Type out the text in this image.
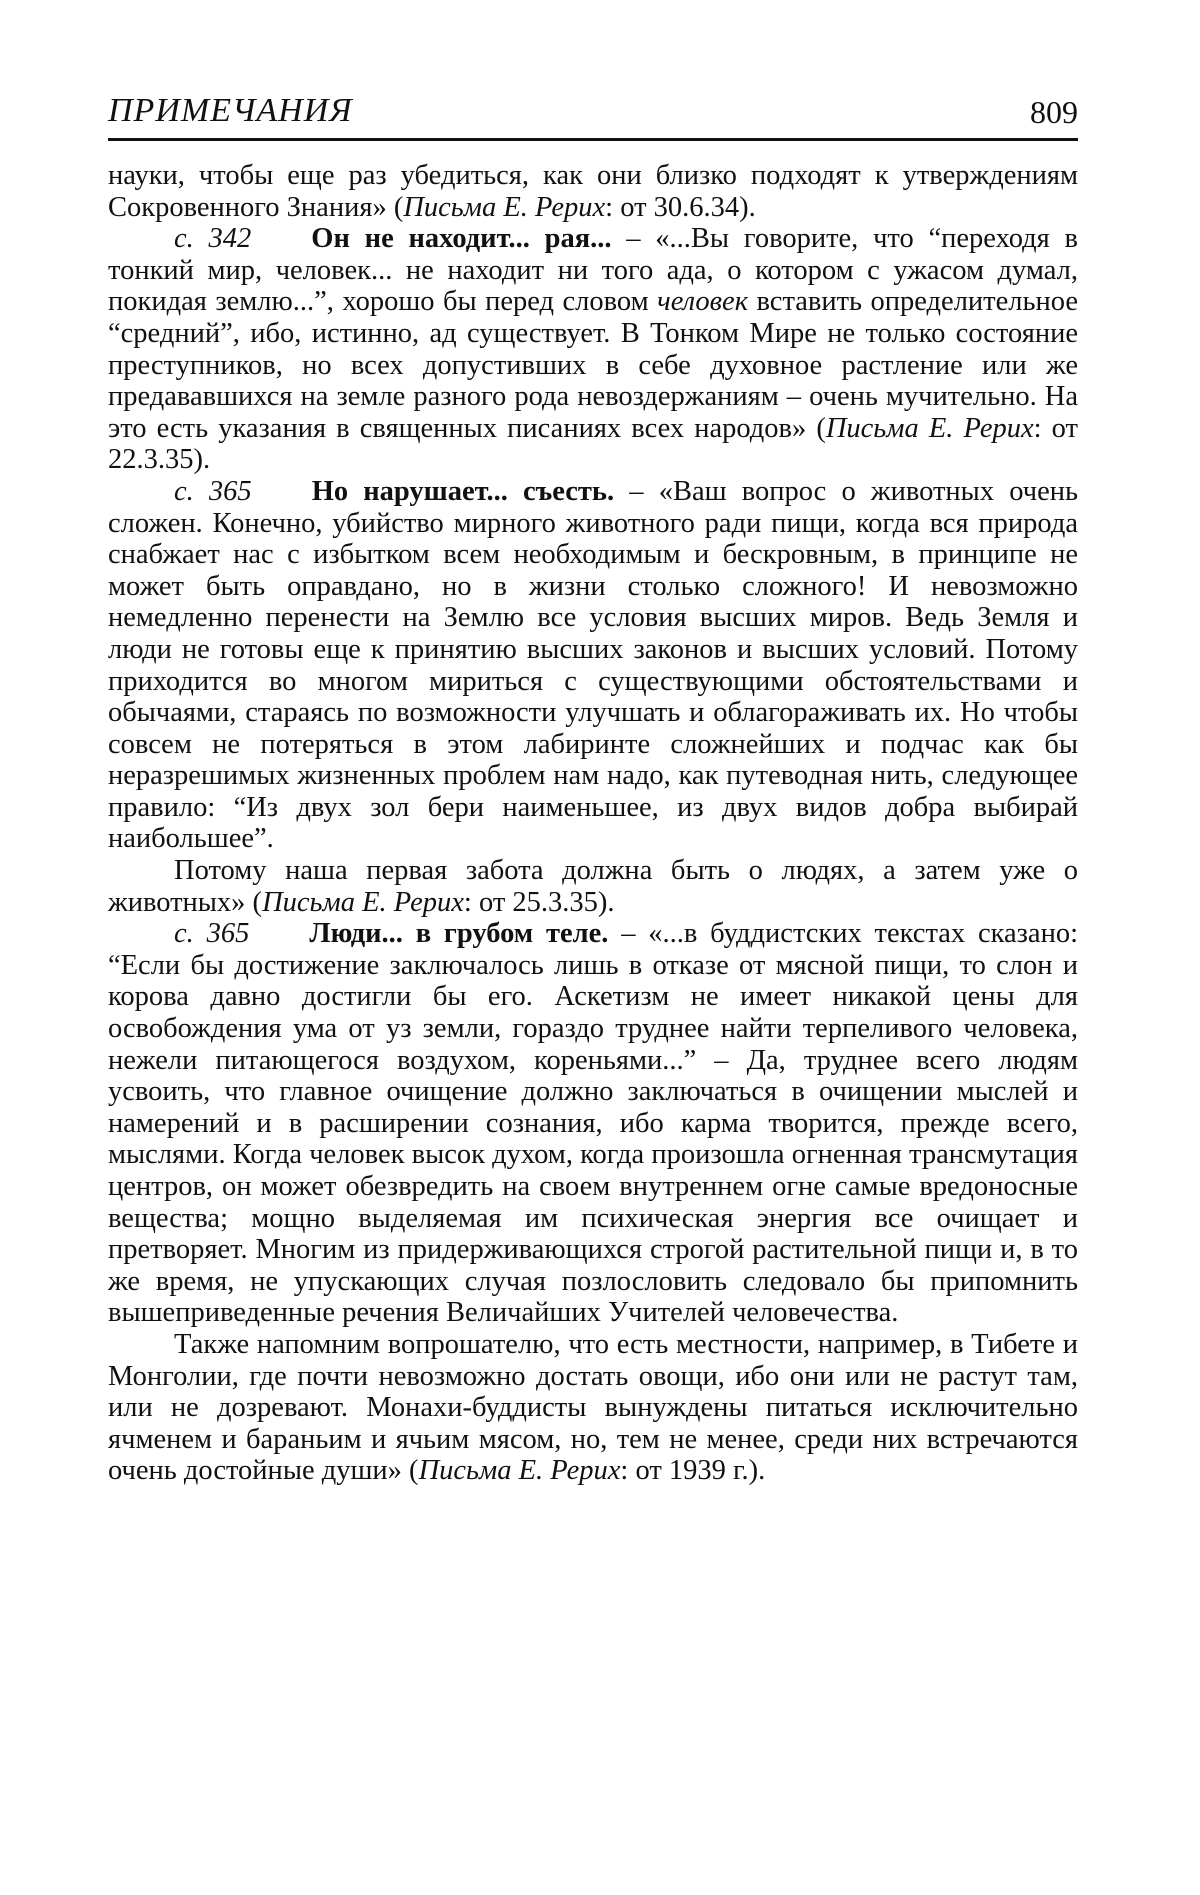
ПРИМЕЧАНИЯ	809

науки, чтобы еще раз убедиться, как они близко подходят к утверждениям Сокровенного Знания» (Письма Е. Рерих: от 30.6.34).

с. 342 Он не находит... рая... – «...Вы говорите, что “переходя в тонкий мир, человек... не находит ни того ада, о котором с ужасом думал, покидая землю...”, хорошо бы перед словом человек вставить определительное “средний”, ибо, истинно, ад существует. В Тонком Мире не только состояние преступников, но всех допустивших в себе духовное растление или же предававшихся на земле разного рода невоздержаниям – очень мучительно. На это есть указания в священных писаниях всех народов» (Письма Е. Рерих: от 22.3.35).

с. 365 Но нарушает... съесть. – «Ваш вопрос о животных очень сложен. Конечно, убийство мирного животного ради пищи, когда вся природа снабжает нас с избытком всем необходимым и бескровным, в принципе не может быть оправдано, но в жизни столько сложного! И невозможно немедленно перенести на Землю все условия высших миров. Ведь Земля и люди не готовы еще к принятию высших законов и высших условий. Потому приходится во многом мириться с существующими обстоятельствами и обычаями, стараясь по возможности улучшать и облагораживать их. Но чтобы совсем не потеряться в этом лабиринте сложнейших и подчас как бы неразрешимых жизненных проблем нам надо, как путеводная нить, следующее правило: “Из двух зол бери наименьшее, из двух видов добра выбирай наибольшее”.

Потому наша первая забота должна быть о людях, а затем уже о животных» (Письма Е. Рерих: от 25.3.35).

с. 365 Люди... в грубом теле. – «...в буддистских текстах сказано: “Если бы достижение заключалось лишь в отказе от мясной пищи, то слон и корова давно достигли бы его. Аскетизм не имеет никакой цены для освобождения ума от уз земли, гораздо труднее найти терпеливого человека, нежели питающегося воздухом, кореньями...” – Да, труднее всего людям усвоить, что главное очищение должно заключаться в очищении мыслей и намерений и в расширении сознания, ибо карма творится, прежде всего, мыслями. Когда человек высок духом, когда произошла огненная трансмутация центров, он может обезвредить на своем внутреннем огне самые вредоносные вещества; мощно выделяемая им психическая энергия все очищает и претворяет. Многим из придерживающихся строгой растительной пищи и, в то же время, не упускающих случая позлословить следовало бы припомнить вышеприведенные речения Величайших Учителей человечества.

Также напомним вопрошателю, что есть местности, например, в Тибете и Монголии, где почти невозможно достать овощи, ибо они или не растут там, или не дозревают. Монахи-буддисты вынуждены питаться исключительно ячменем и бараньим и ячьим мясом, но, тем не менее, среди них встречаются очень достойные души» (Письма Е. Рерих: от 1939 г.).
